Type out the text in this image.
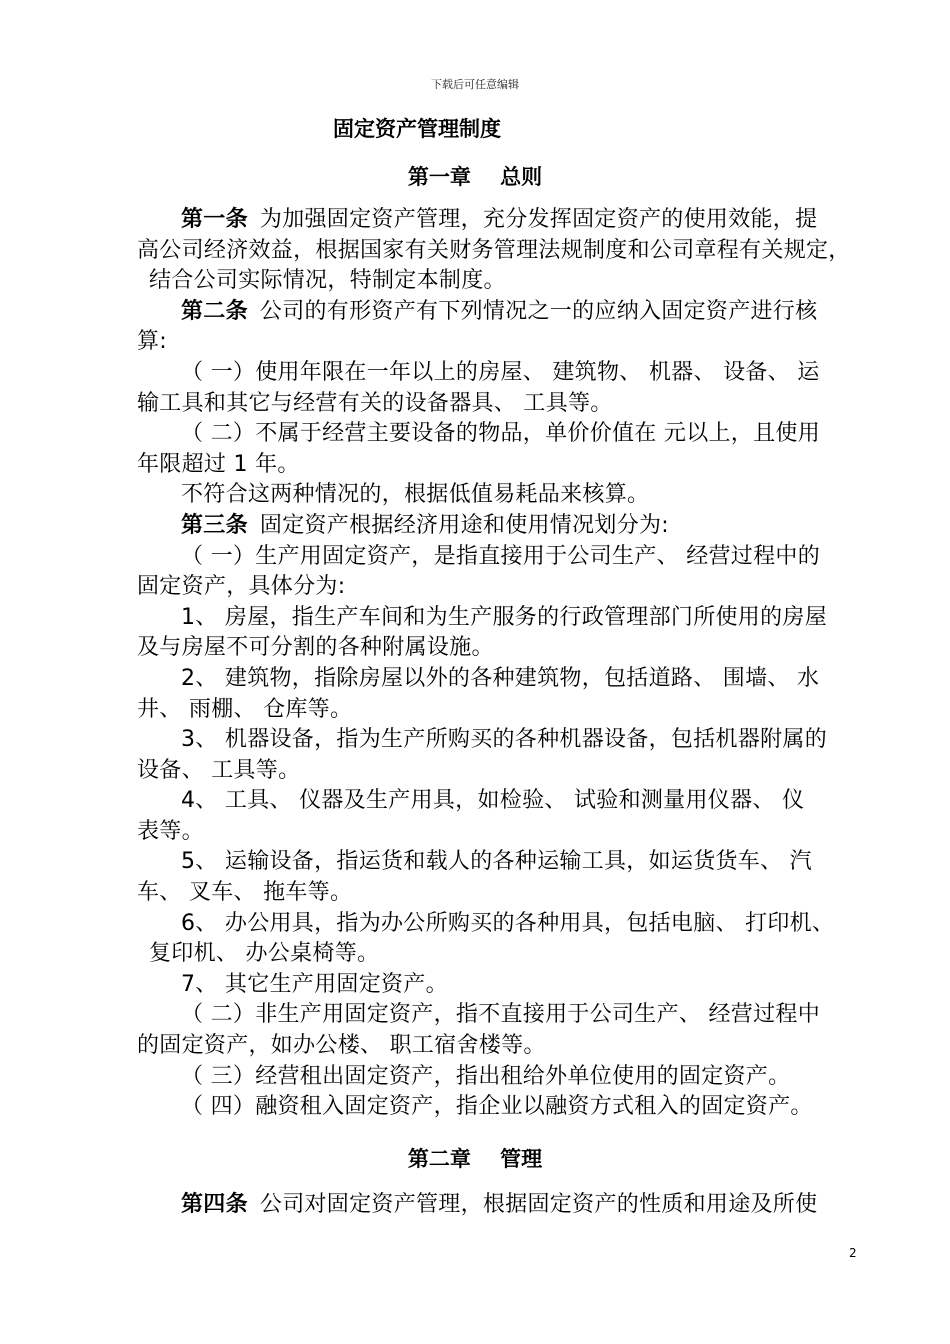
下载后可任意编辑
固定资产管理制度
第一章    总则
第一条 为加强固定资产管理，充分发挥固定资产的使用效能，提
高公司经济效益，根据国家有关财务管理法规制度和公司章程有关规定，
结合公司实际情况，特制定本制度。
第二条 公司的有形资产有下列情况之一的应纳入固定资产进行核
算:
（ 一）使用年限在一年以上的房屋、 建筑物、 机器、 设备、 运
输工具和其它与经营有关的设备器具、 工具等。
（ 二）不属于经营主要设备的物品，单价价值在 元以上，且使用
年限超过 1 年。
不符合这两种情况的，根据低值易耗品来核算。
第三条 固定资产根据经济用途和使用情况划分为:
（ 一）生产用固定资产，是指直接用于公司生产、 经营过程中的
固定资产，具体分为:
1、 房屋，指生产车间和为生产服务的行政管理部门所使用的房屋
及与房屋不可分割的各种附属设施。
2、 建筑物，指除房屋以外的各种建筑物，包括道路、 围墙、 水
井、 雨棚、 仓库等。
3、 机器设备，指为生产所购买的各种机器设备，包括机器附属的
设备、 工具等。
4、 工具、 仪器及生产用具，如检验、 试验和测量用仪器、 仪
表等。
5、 运输设备，指运货和载人的各种运输工具，如运货货车、 汽
车、 叉车、 拖车等。
6、 办公用具，指为办公所购买的各种用具，包括电脑、 打印机、
复印机、 办公桌椅等。
7、 其它生产用固定资产。
（ 二）非生产用固定资产，指不直接用于公司生产、 经营过程中
的固定资产，如办公楼、 职工宿舍楼等。
（ 三）经营租出固定资产，指出租给外单位使用的固定资产。
（ 四）融资租入固定资产，指企业以融资方式租入的固定资产。
第二章    管理
第四条 公司对固定资产管理，根据固定资产的性质和用途及所使
2
